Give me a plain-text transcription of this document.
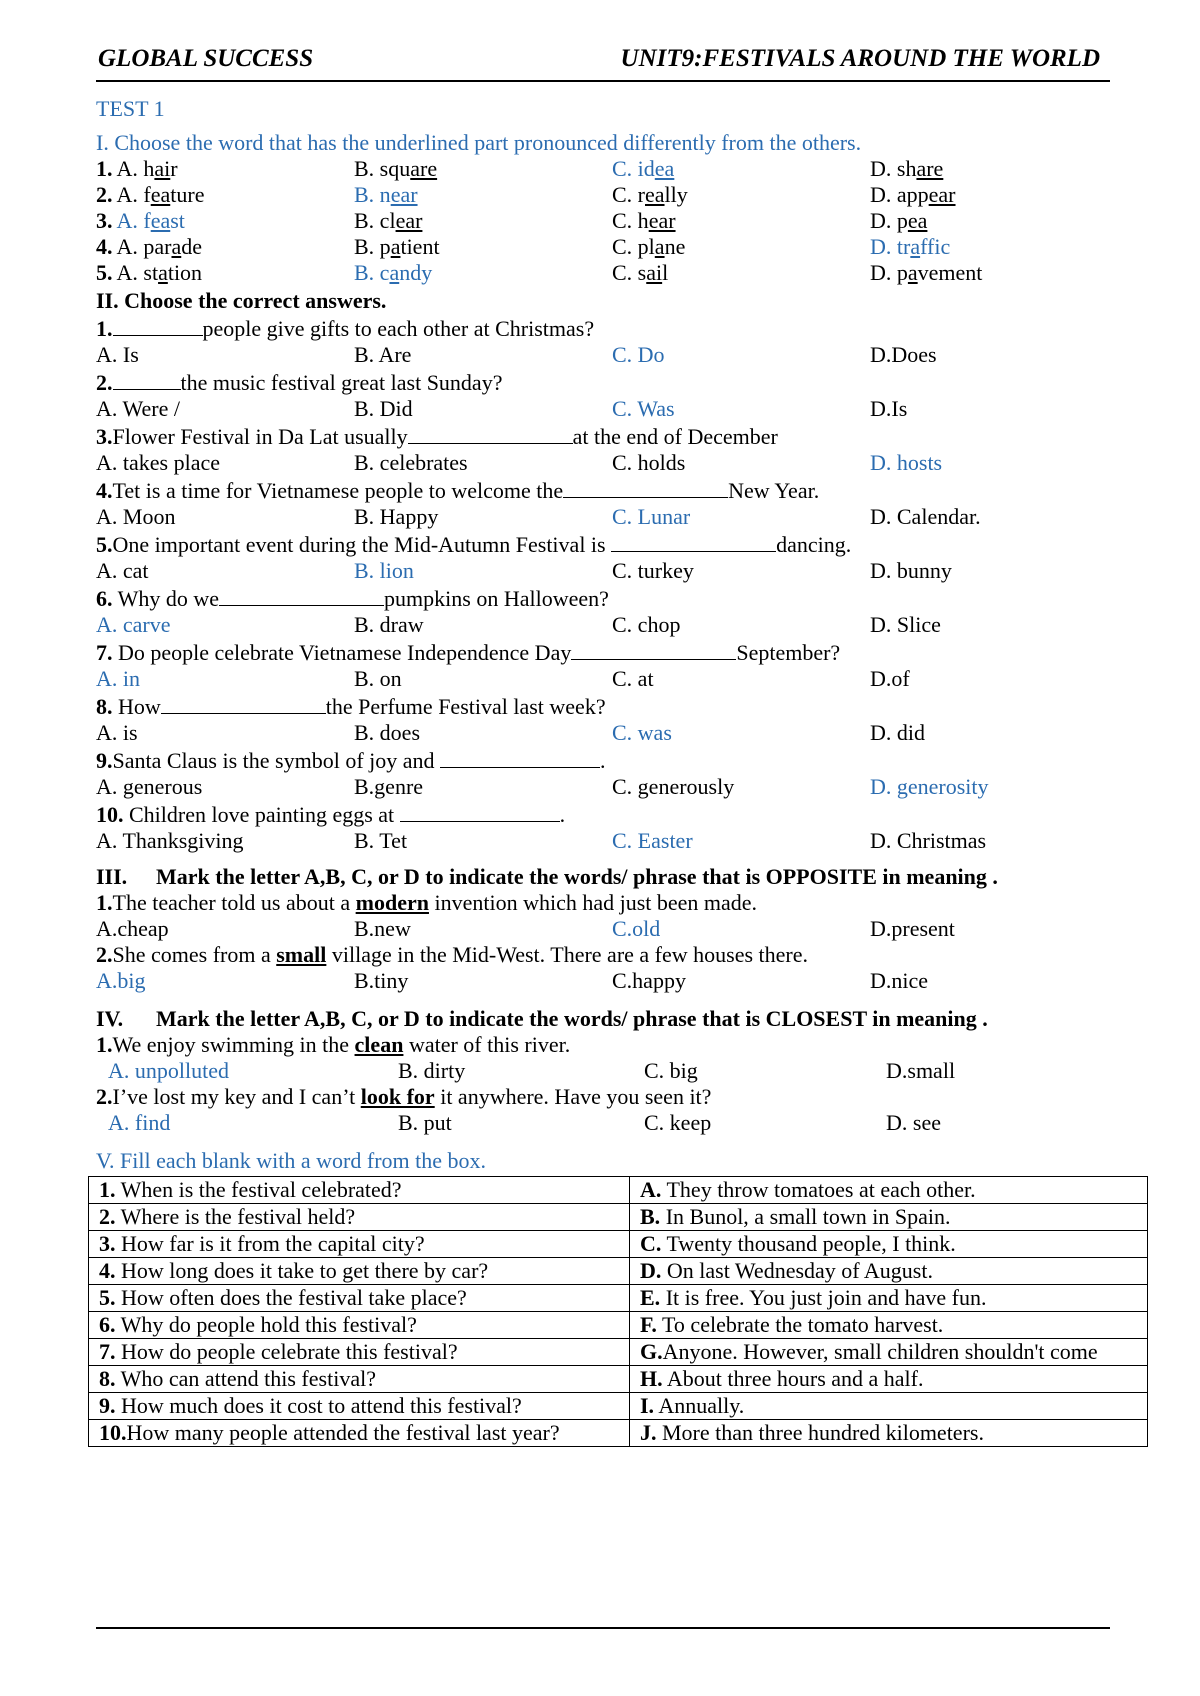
GLOBAL SUCCESS	UNIT9:FESTIVALS AROUND THE WORLD
TEST 1
I. Choose the word that has the underlined part pronounced differently from the others.
1. A. hair	B. square	C. idea	D. share
2. A. feature	B. near	C. really	D. appear
3. A. feast	B. clear	C. hear	D. pea
4. A. parade	B. patient	C. plane	D. traffic
5. A. station	B. candy	C. sail	D. pavement
II. Choose the correct answers.
1.	people give gifts to each other at Christmas?
A. Is	B. Are	C. Do	D.Does
2.	the music festival great last Sunday?
A. Were /	B. Did	C. Was	D.Is
3.Flower Festival in Da Lat usually	at the end of December
A. takes place	B. celebrates	C. holds	D. hosts
4.Tet is a time for Vietnamese people to welcome the	New Year.
A. Moon	B. Happy	C. Lunar	D. Calendar.
5.One important event during the Mid-Autumn Festival is	dancing.
A. cat	B. lion	C. turkey	D. bunny
6. Why do we	pumpkins on Halloween?
A. carve	B. draw	C. chop	D. Slice
7. Do people celebrate Vietnamese Independence Day	September?
A. in	B. on	C. at	D.of
8. How	the Perfume Festival last week?
A. is	B. does	C. was	D. did
9.Santa Claus is the symbol of joy and	.
A. generous	B.genre	C. generously	D. generosity
10. Children love painting eggs at	.
A. Thanksgiving	B. Tet	C. Easter	D. Christmas
III. Mark the letter A,B, C, or D to indicate the words/ phrase that is OPPOSITE in meaning .
1.The teacher told us about a modern invention which had just been made.
A.cheap	B.new	C.old	D.present
2.She comes from a small village in the Mid-West. There are a few houses there.
A.big	B.tiny	C.happy	D.nice
IV. Mark the letter A,B, C, or D to indicate the words/ phrase that is CLOSEST in meaning .
1.We enjoy swimming in the clean water of this river.
A. unpolluted	B. dirty	C. big	D.small
2.I’ve lost my key and I can’t look for it anywhere. Have you seen it?
A. find	B. put	C. keep	D. see
V. Fill each blank with a word from the box.
1. When is the festival celebrated?	A. They throw tomatoes at each other.
2. Where is the festival held?	B. In Bunol, a small town in Spain.
3. How far is it from the capital city?	C. Twenty thousand people, I think.
4. How long does it take to get there by car?	D. On last Wednesday of August.
5. How often does the festival take place?	E. It is free. You just join and have fun.
6. Why do people hold this festival?	F. To celebrate the tomato harvest.
7. How do people celebrate this festival?	G.Anyone. However, small children shouldn't come
8. Who can attend this festival?	H. About three hours and a half.
9. How much does it cost to attend this festival?	I. Annually.
10.How many people attended the festival last year?	J. More than three hundred kilometers.
